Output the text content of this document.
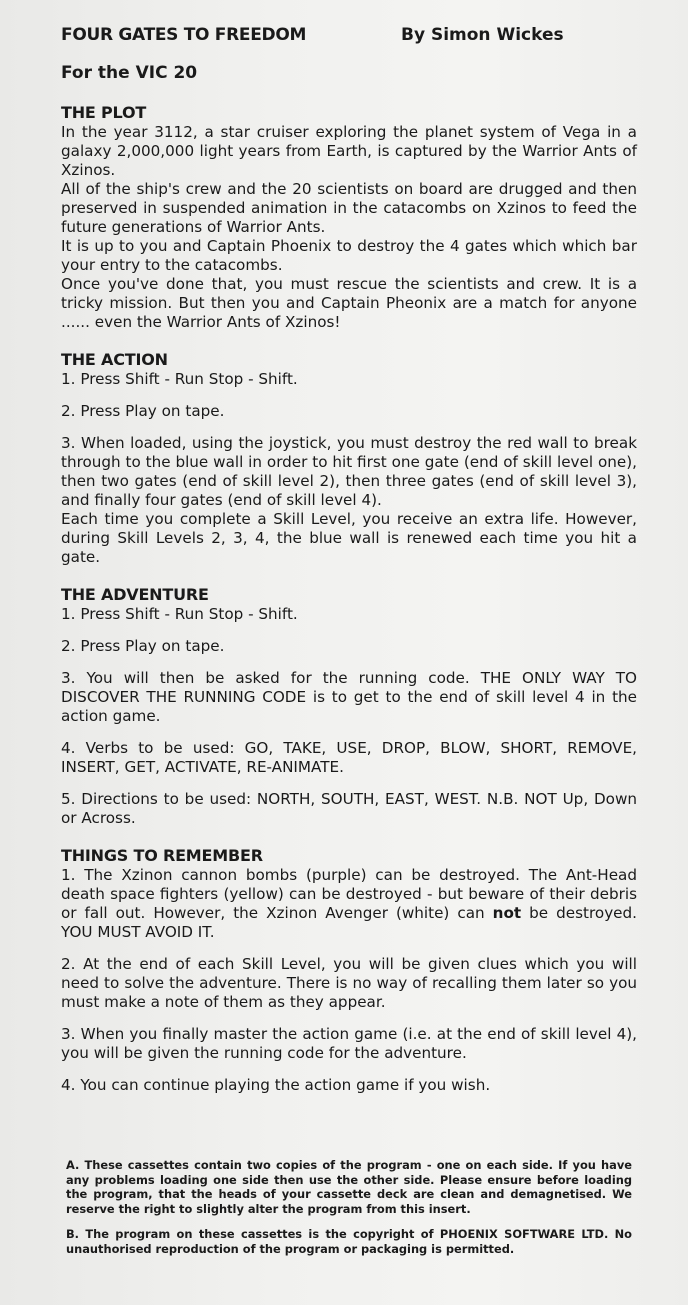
FOUR GATES TO FREEDOM	By Simon Wickes
For the VIC 20
THE PLOT

In the year 3112, a star cruiser exploring the planet system of Vega in a galaxy 2,000,000 light years from Earth, is captured by the Warrior Ants of Xzinos.

All of the ship's crew and the 20 scientists on board are drugged and then preserved in suspended animation in the catacombs on Xzinos to feed the future generations of Warrior Ants.

It is up to you and Captain Phoenix to destroy the 4 gates which which bar your entry to the catacombs.

Once you've done that, you must rescue the scientists and crew. It is a tricky mission. But then you and Captain Pheonix are a match for anyone ...... even the Warrior Ants of Xzinos!

THE ACTION

1. Press Shift - Run Stop - Shift.

2. Press Play on tape.

3. When loaded, using the joystick, you must destroy the red wall to break through to the blue wall in order to hit first one gate (end of skill level one), then two gates (end of skill level 2), then three gates (end of skill level 3), and finally four gates (end of skill level 4).

Each time you complete a Skill Level, you receive an extra life. However, during Skill Levels 2, 3, 4, the blue wall is renewed each time you hit a gate.

THE ADVENTURE

1. Press Shift - Run Stop - Shift.

2. Press Play on tape.

3. You will then be asked for the running code. THE ONLY WAY TO DISCOVER THE RUNNING CODE is to get to the end of skill level 4 in the action game.

4. Verbs to be used: GO, TAKE, USE, DROP, BLOW, SHORT, REMOVE, INSERT, GET, ACTIVATE, RE-ANIMATE.

5. Directions to be used: NORTH, SOUTH, EAST, WEST. N.B. NOT Up, Down or Across.

THINGS TO REMEMBER

1. The Xzinon cannon bombs (purple) can be destroyed. The Ant-Head death space fighters (yellow) can be destroyed - but beware of their debris or fall out. However, the Xzinon Avenger (white) can not be destroyed. YOU MUST AVOID IT.

2. At the end of each Skill Level, you will be given clues which you will need to solve the adventure. There is no way of recalling them later so you must make a note of them as they appear.

3. When you finally master the action game (i.e. at the end of skill level 4), you will be given the running code for the adventure.

4. You can continue playing the action game if you wish.

A. These cassettes contain two copies of the program - one on each side. If you have any problems loading one side then use the other side. Please ensure before loading the program, that the heads of your cassette deck are clean and demagnetised. We reserve the right to slightly alter the program from this insert.
B. The program on these cassettes is the copyright of PHOENIX SOFTWARE LTD. No unauthorised reproduction of the program or packaging is permitted.
